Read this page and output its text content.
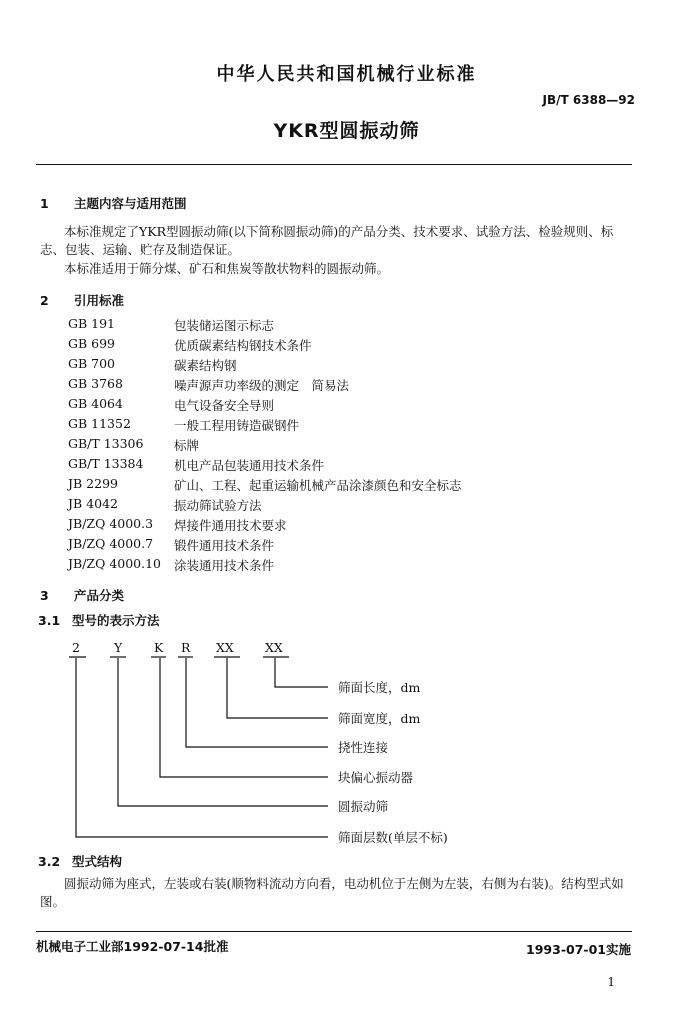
中华人民共和国机械行业标准
JB/T 6388—92
YKR型圆振动筛
1 主题内容与适用范围
本标准规定了YKR型圆振动筛(以下简称圆振动筛)的产品分类、技术要求、试验方法、检验规则、标
志、包装、运输、贮存及制造保证。
本标准适用于筛分煤、矿石和焦炭等散状物料的圆振动筛。
2 引用标准
GB 191	包装储运图示标志
GB 699	优质碳素结构钢技术条件
GB 700	碳素结构钢
GB 3768	噪声源声功率级的测定　简易法
GB 4064	电气设备安全导则
GB 11352	一般工程用铸造碳钢件
GB/T 13306 标牌
GB/T 13384 机电产品包装通用技术条件
JB 2299	矿山、工程、起重运输机械产品涂漆颜色和安全标志
JB 4042	振动筛试验方法
JB/ZQ 4000.3 焊接件通用技术要求
JB/ZQ 4000.7 锻件通用技术条件
JB/ZQ 4000.10 涂装通用技术条件
3 产品分类
3.1 型号的表示方法
2	Y	K R XX XX
筛面长度，dm
筛面宽度，dm
挠性连接
块偏心振动器
圆振动筛
筛面层数(单层不标)
3.2 型式结构
圆振动筛为座式，左装或右装(顺物料流动方向看，电动机位于左侧为左装，右侧为右装)。结构型式如
图。
机械电子工业部1992-07-14批准	1993-07-01实施
1
